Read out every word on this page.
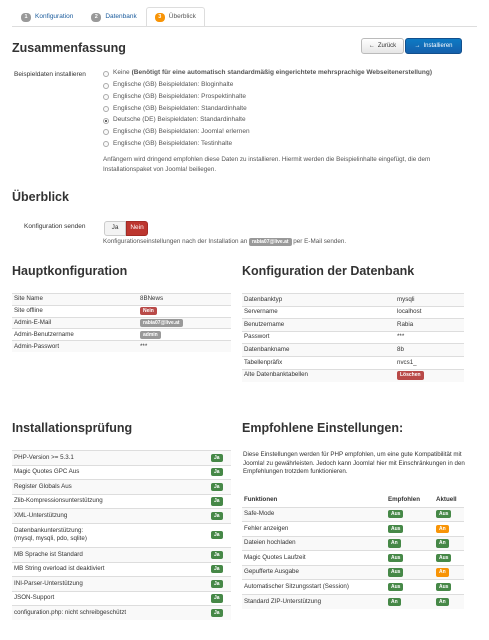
1	Konfiguration	2	Datenbank	3	Überblick
Zusammenfassung	← Zurück	→ Installieren
Beispieldaten installieren	Keine (Benötigt für eine automatisch standardmäßig eingerichtete mehrsprachige Webseitenerstellung)
Englische (GB) Beispieldaten: Bloginhalte
Englische (GB) Beispieldaten: Prospektinhalte
Englische (GB) Beispieldaten: Standardinhalte
Deutsche (DE) Beispieldaten: Standardinhalte
Englische (GB) Beispieldaten: Joomla! erlernen
Englische (GB) Beispieldaten: Testinhalte
Anfängern wird dringend empfohlen diese Daten zu installieren. Hiermit werden die Beispielinhalte eingefügt, die dem Installationspaket von Joomla! beiliegen.
Überblick
Konfiguration senden	Ja	Nein
Konfigurationseinstellungen nach der Installation an rabia07@live.at per E-Mail senden.
Hauptkonfiguration
Site Name	8BNews
Site offline	Nein
Admin-E-Mail	rabia07@live.at
Admin-Benutzername	admin
Admin-Passwort	***
Konfiguration der Datenbank
Datenbanktyp	mysqli
Servername	localhost
Benutzername	Rabia
Passwort	***
Datenbankname	8b
Tabellenpräfix	nvcs1_
Alte Datenbanktabellen	Löschen
Installationsprüfung
PHP-Version >= 5.3.1	Ja
Magic Quotes GPC Aus	Ja
Register Globals Aus	Ja
Zlib-Kompressionsunterstützung	Ja
XML-Unterstützung	Ja
Datenbankunterstützung:
(mysql, mysqli, pdo, sqlite)	Ja
MB Sprache ist Standard	Ja
MB String overload ist deaktiviert	Ja
INI-Parser-Unterstützung	Ja
JSON-Support	Ja
configuration.php: nicht schreibgeschützt	Ja
Empfohlene Einstellungen:
Diese Einstellungen werden für PHP empfohlen, um eine gute Kompatibilität mit Joomla! zu gewährleisten. Jedoch kann Joomla! hier mit Einschränkungen in den Empfehlungen trotzdem funktionieren.
Funktionen	Empfohlen	Aktuell
Safe-Mode	Aus	Aus
Fehler anzeigen	Aus	An
Dateien hochladen	An	An
Magic Quotes Laufzeit	Aus	Aus
Gepufferte Ausgabe	Aus	An
Automatischer Sitzungsstart (Session)	Aus	Aus
Standard ZIP-Unterstützung	An	An
